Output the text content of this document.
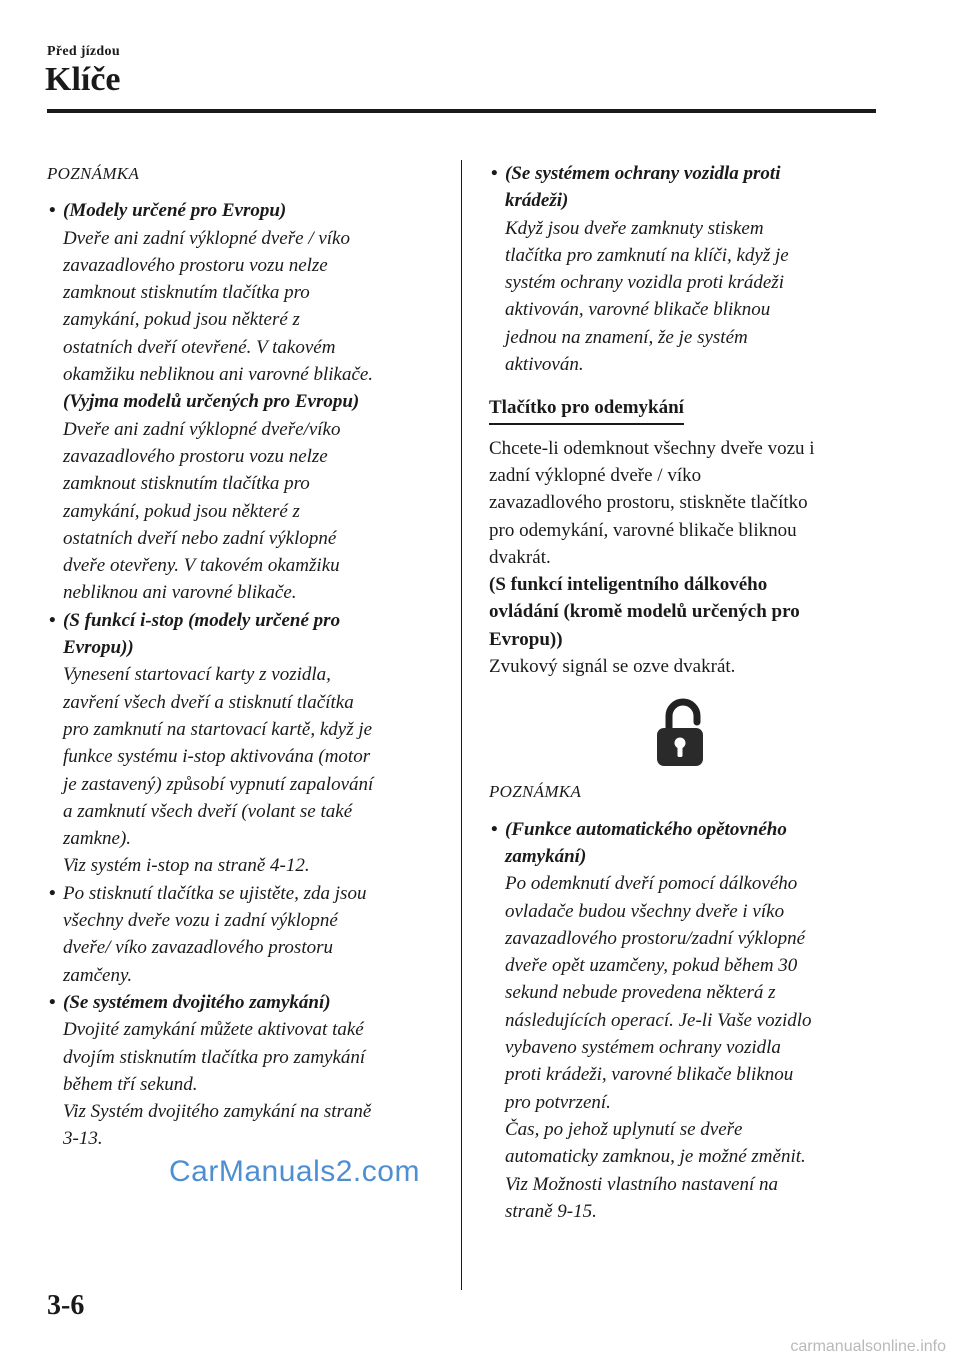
Před jízdou
Klíče
POZNÁMKA
• (Modely určené pro Evropu)
Dveře ani zadní výklopné dveře / víko
zavazadlového prostoru vozu nelze
zamknout stisknutím tlačítka pro
zamykání, pokud jsou některé z
ostatních dveří otevřené. V takovém
okamžiku nebliknou ani varovné blikače.
(Vyjma modelů určených pro Evropu)
Dveře ani zadní výklopné dveře/víko
zavazadlového prostoru vozu nelze
zamknout stisknutím tlačítka pro
zamykání, pokud jsou některé z
ostatních dveří nebo zadní výklopné
dveře otevřeny. V takovém okamžiku
nebliknou ani varovné blikače.
• (S funkcí i-stop (modely určené pro
Evropu))
Vynesení startovací karty z vozidla,
zavření všech dveří a stisknutí tlačítka
pro zamknutí na startovací kartě, když je
funkce systému i-stop aktivována (motor
je zastavený) způsobí vypnutí zapalování
a zamknutí všech dveří (volant se také
zamkne).
Viz systém i-stop na straně 4-12.
• Po stisknutí tlačítka se ujistěte, zda jsou
všechny dveře vozu i zadní výklopné
dveře/ víko zavazadlového prostoru
zamčeny.
• (Se systémem dvojitého zamykání)
Dvojité zamykání můžete aktivovat také
dvojím stisknutím tlačítka pro zamykání
během tří sekund.
Viz Systém dvojitého zamykání na straně
3-13.
• (Se systémem ochrany vozidla proti
krádeži)
Když jsou dveře zamknuty stiskem
tlačítka pro zamknutí na klíči, když je
systém ochrany vozidla proti krádeži
aktivován, varovné blikače bliknou
jednou na znamení, že je systém
aktivován.
Tlačítko pro odemykání
Chcete-li odemknout všechny dveře vozu i
zadní výklopné dveře / víko
zavazadlového prostoru, stiskněte tlačítko
pro odemykání, varovné blikače bliknou
dvakrát.
(S funkcí inteligentního dálkového
ovládání (kromě modelů určených pro
Evropu))
Zvukový signál se ozve dvakrát.
POZNÁMKA
• (Funkce automatického opětovného
zamykání)
Po odemknutí dveří pomocí dálkového
ovladače budou všechny dveře i víko
zavazadlového prostoru/zadní výklopné
dveře opět uzamčeny, pokud během 30
sekund nebude provedena některá z
následujících operací. Je-li Vaše vozidlo
vybaveno systémem ochrany vozidla
proti krádeži, varovné blikače bliknou
pro potvrzení.
Čas, po jehož uplynutí se dveře
automaticky zamknou, je možné změnit.
Viz Možnosti vlastního nastavení na
straně 9-15.
CarManuals2.com
3-6
carmanualsonline.info
